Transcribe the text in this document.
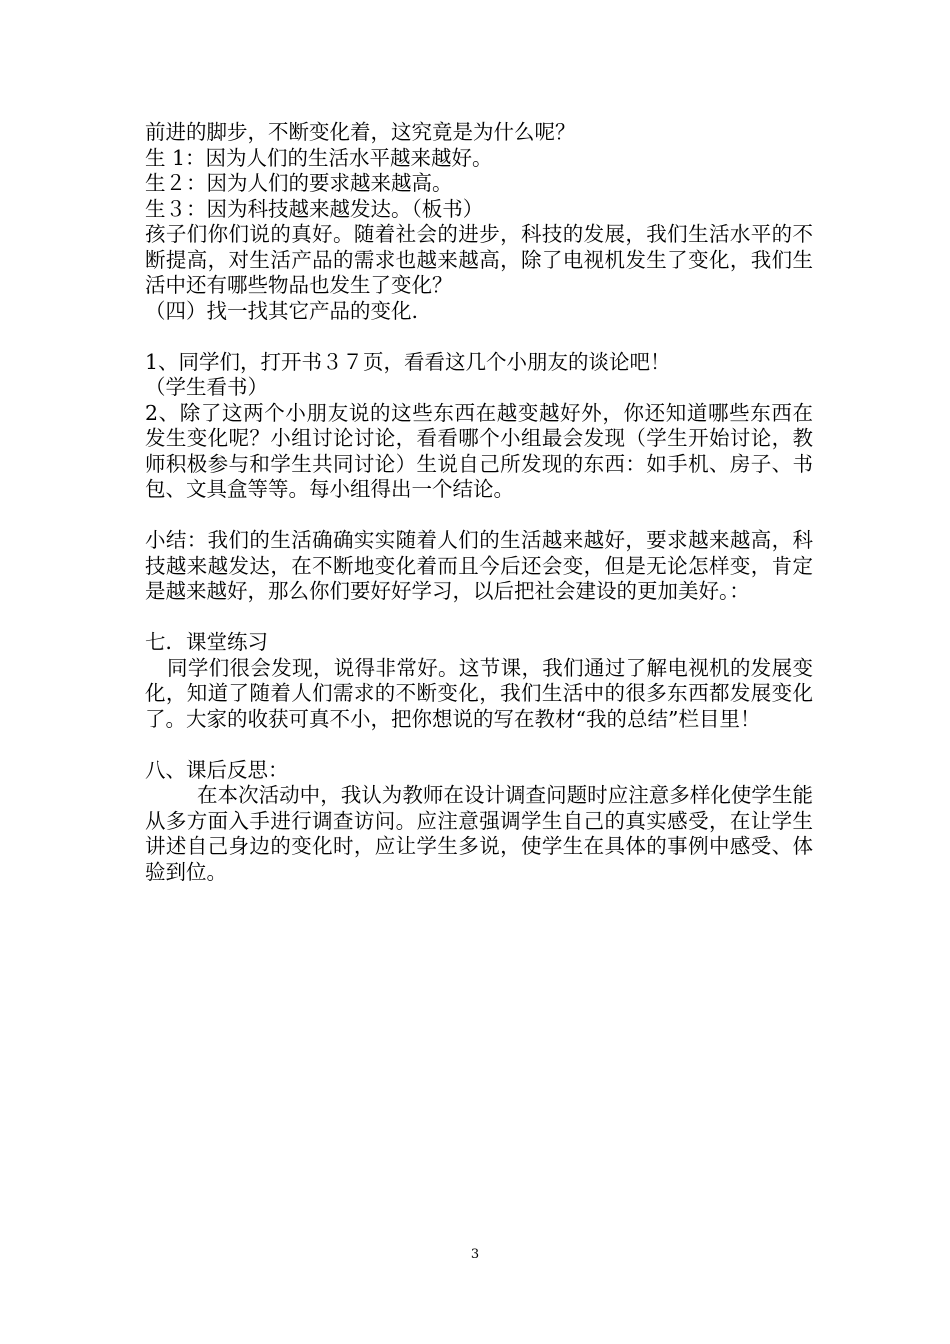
前进的脚步，不断变化着，这究竟是为什么呢？
生 1：因为人们的生活水平越来越好。
生２：因为人们的要求越来越高。
生３：因为科技越来越发达。（板书）

孩子们你们说的真好。随着社会的进步，科技的发展，我们生活水平的不断提高，对生活产品的需求也越来越高，除了电视机发生了变化，我们生活中还有哪些物品也发生了变化？

（四）找一找其它产品的变化.
1、同学们，打开书３７页，看看这几个小朋友的谈论吧！
（学生看书）

2、除了这两个小朋友说的这些东西在越变越好外，你还知道哪些东西在发生变化呢？小组讨论讨论，看看哪个小组最会发现（学生开始讨论，教师积极参与和学生共同讨论）生说自己所发现的东西：如手机、房子、书包、文具盒等等。每小组得出一个结论。

小结：我们的生活确确实实随着人们的生活越来越好，要求越来越高，科技越来越发达，在不断地变化着而且今后还会变，但是无论怎样变，肯定是越来越好，那么你们要好好学习，以后把社会建设的更加美好。：

七．课堂练习

同学们很会发现，说得非常好。这节课，我们通过了解电视机的发展变化，知道了随着人们需求的不断变化，我们生活中的很多东西都发展变化了。大家的收获可真不小，把你想说的写在教材“我的总结”栏目里！

八、课后反思：

在本次活动中，我认为教师在设计调查问题时应注意多样化使学生能从多方面入手进行调查访问。应注意强调学生自己的真实感受，在让学生讲述自己身边的变化时，应让学生多说，使学生在具体的事例中感受、体验到位。

3
